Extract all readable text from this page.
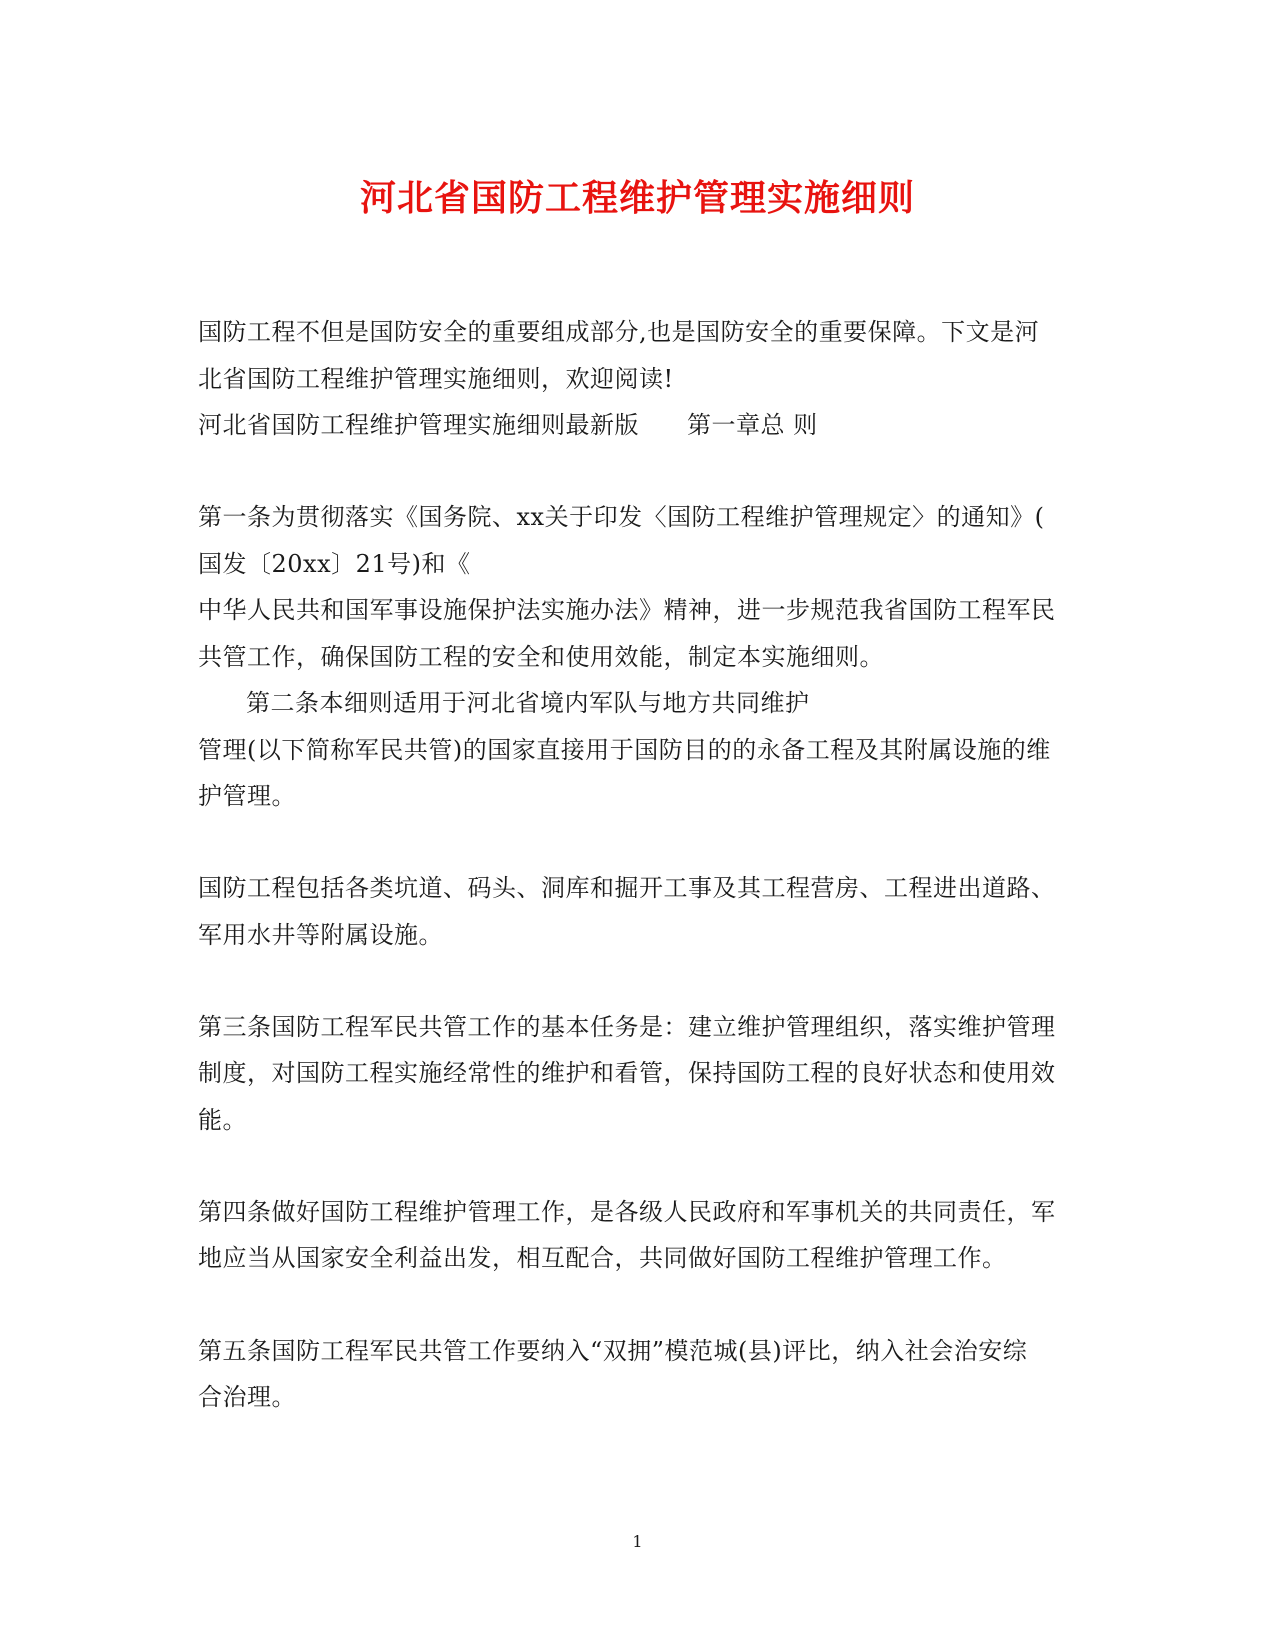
河北省国防工程维护管理实施细则
国防工程不但是国防安全的重要组成部分,也是国防安全的重要保障。下文是河
北省国防工程维护管理实施细则，欢迎阅读!
河北省国防工程维护管理实施细则最新版 第一章总 则
第一条为贯彻落实《国务院、xx关于印发〈国防工程维护管理规定〉的通知》(
国发〔20xx〕21号)和《
中华人民共和国军事设施保护法实施办法》精神，进一步规范我省国防工程军民
共管工作，确保国防工程的安全和使用效能，制定本实施细则。
第二条本细则适用于河北省境内军队与地方共同维护
管理(以下简称军民共管)的国家直接用于国防目的的永备工程及其附属设施的维
护管理。
国防工程包括各类坑道、码头、洞库和掘开工事及其工程营房、工程进出道路、
军用水井等附属设施。
第三条国防工程军民共管工作的基本任务是：建立维护管理组织，落实维护管理
制度，对国防工程实施经常性的维护和看管，保持国防工程的良好状态和使用效
能。
第四条做好国防工程维护管理工作，是各级人民政府和军事机关的共同责任，军
地应当从国家安全利益出发，相互配合，共同做好国防工程维护管理工作。
第五条国防工程军民共管工作要纳入“双拥”模范城(县)评比，纳入社会治安综
合治理。
1
